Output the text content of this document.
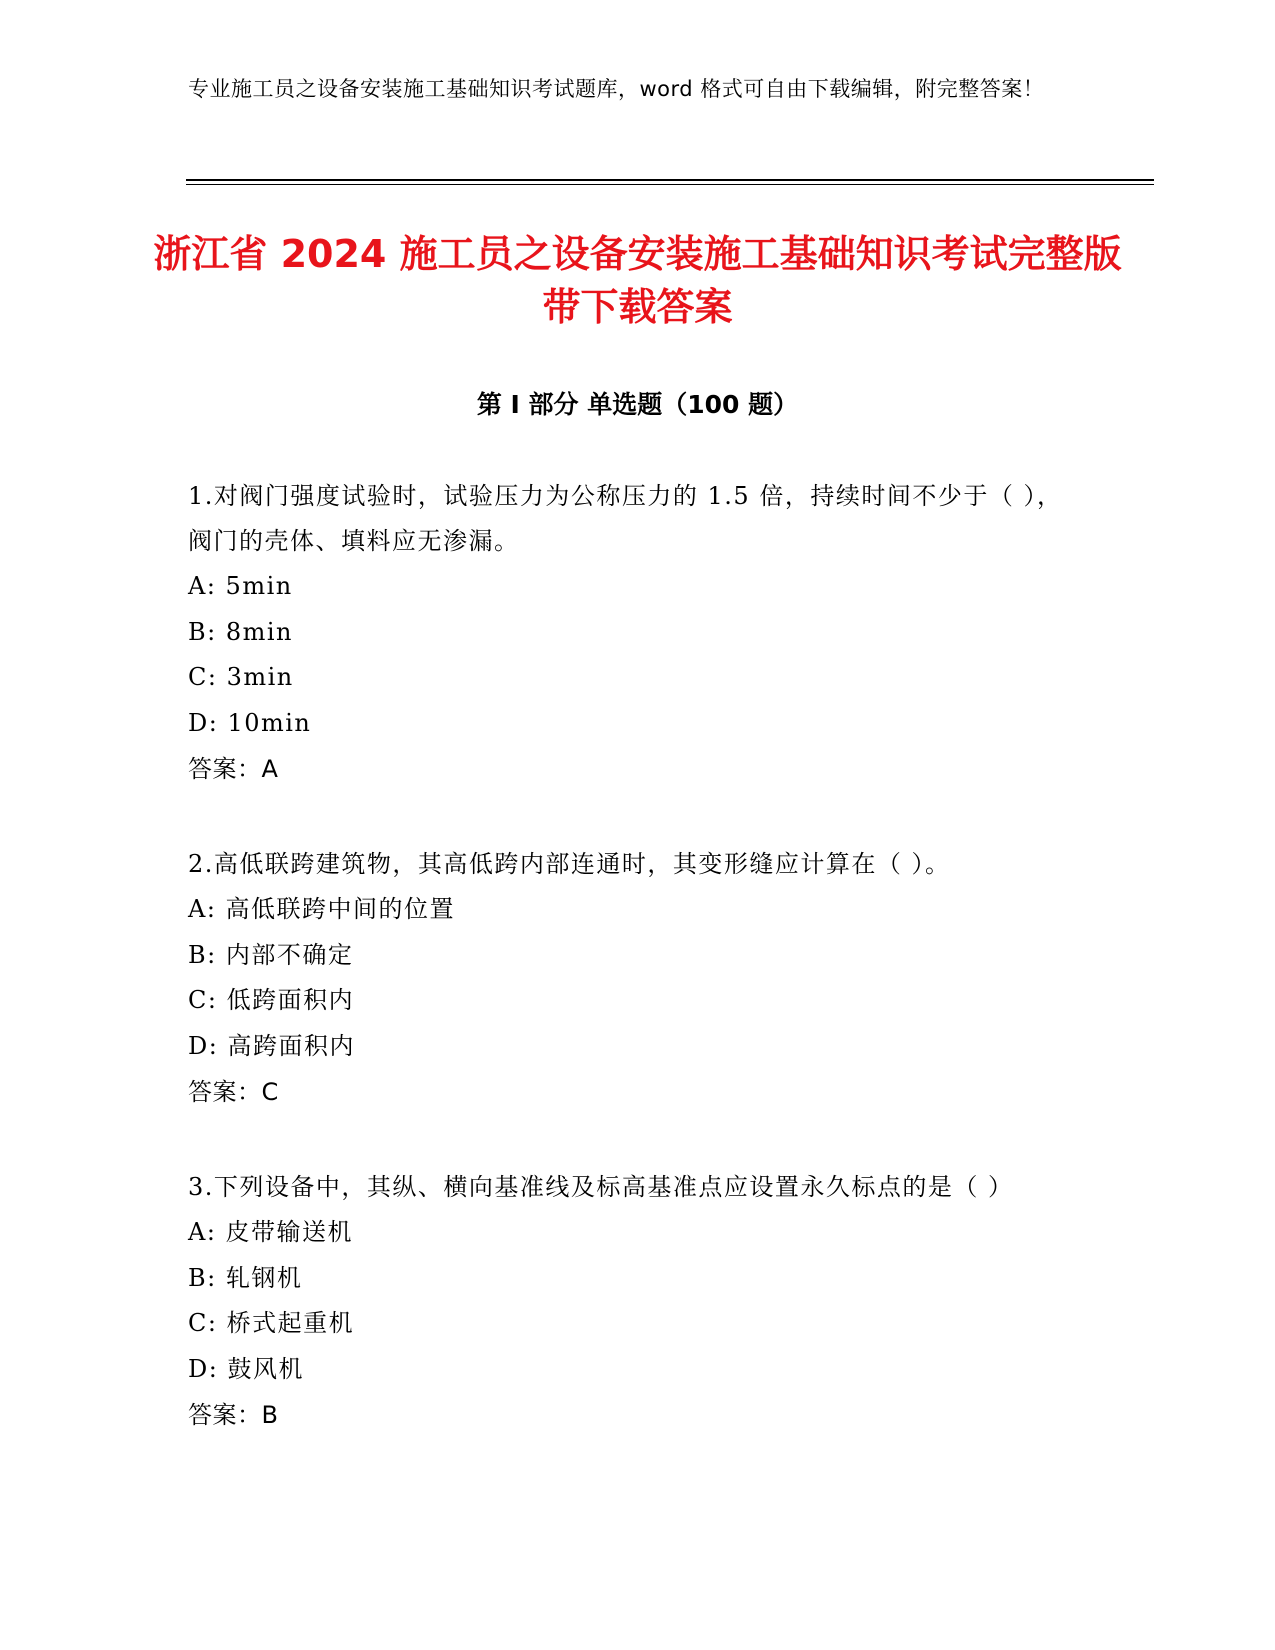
专业施工员之设备安装施工基础知识考试题库，word 格式可自由下载编辑，附完整答案！
浙江省 2024 施工员之设备安装施工基础知识考试完整版带下载答案
第 I 部分 单选题（100 题）
1.对阀门强度试验时，试验压力为公称压力的 1.5 倍，持续时间不少于（ ），阀门的壳体、填料应无渗漏。
A: 5min
B: 8min
C: 3min
D: 10min
答案：A
2.高低联跨建筑物，其高低跨内部连通时，其变形缝应计算在（ ）。
A: 高低联跨中间的位置
B: 内部不确定
C: 低跨面积内
D: 高跨面积内
答案：C
3.下列设备中，其纵、横向基准线及标高基准点应设置永久标点的是（ ）
A: 皮带输送机
B: 轧钢机
C: 桥式起重机
D: 鼓风机
答案：B
